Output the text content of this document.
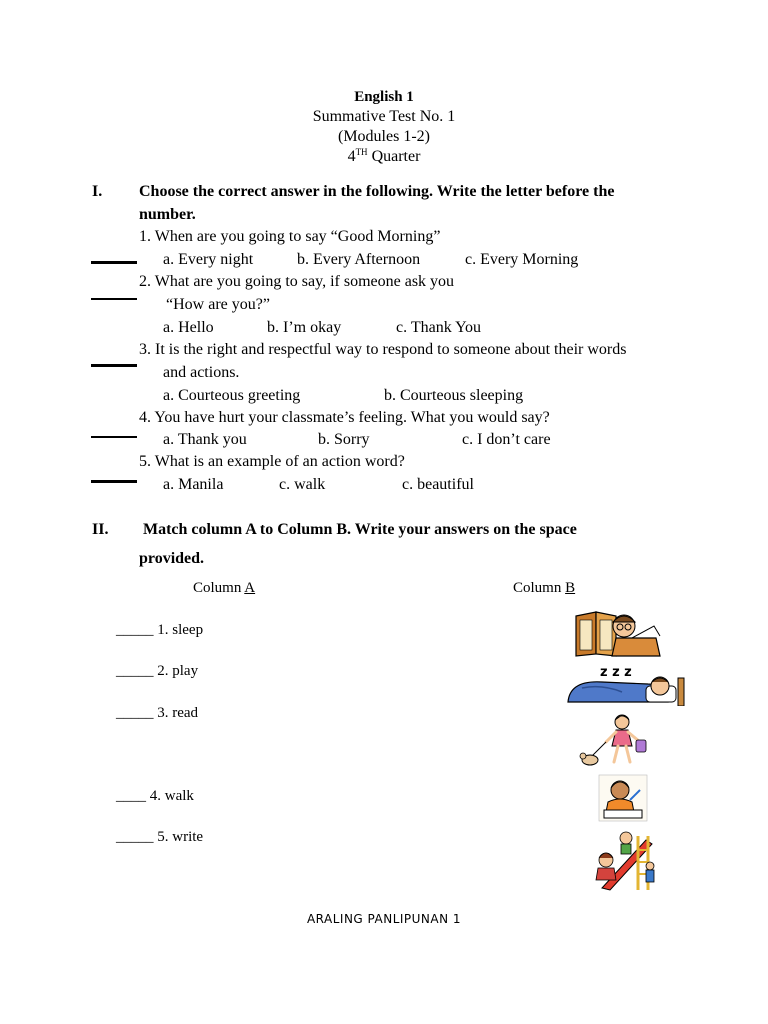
English 1
Summative Test No. 1
(Modules 1-2)
4TH Quarter
I. Choose the correct answer in the following. Write the letter before the
number.
1. When are you going to say “Good Morning”
a. Every night	b. Every Afternoon	c. Every Morning
2. What are you going to say, if someone ask you
“How are you?”
a. Hello	b. I’m okay	c. Thank You
3. It is the right and respectful way to respond to someone about their words
and actions.
a. Courteous greeting	b. Courteous sleeping
4. You have hurt your classmate’s feeling. What you would say?
a. Thank you	b. Sorry	c. I don’t care
5. What is an example of an action word?
a. Manila	c. walk	c. beautiful
II. Match column A to Column B. Write your answers on the space
provided.
Column A	Column B
_____ 1. sleep
_____ 2. play
_____ 3. read
____ 4. walk
_____ 5. write
z z z
ARALING PANLIPUNAN 1
